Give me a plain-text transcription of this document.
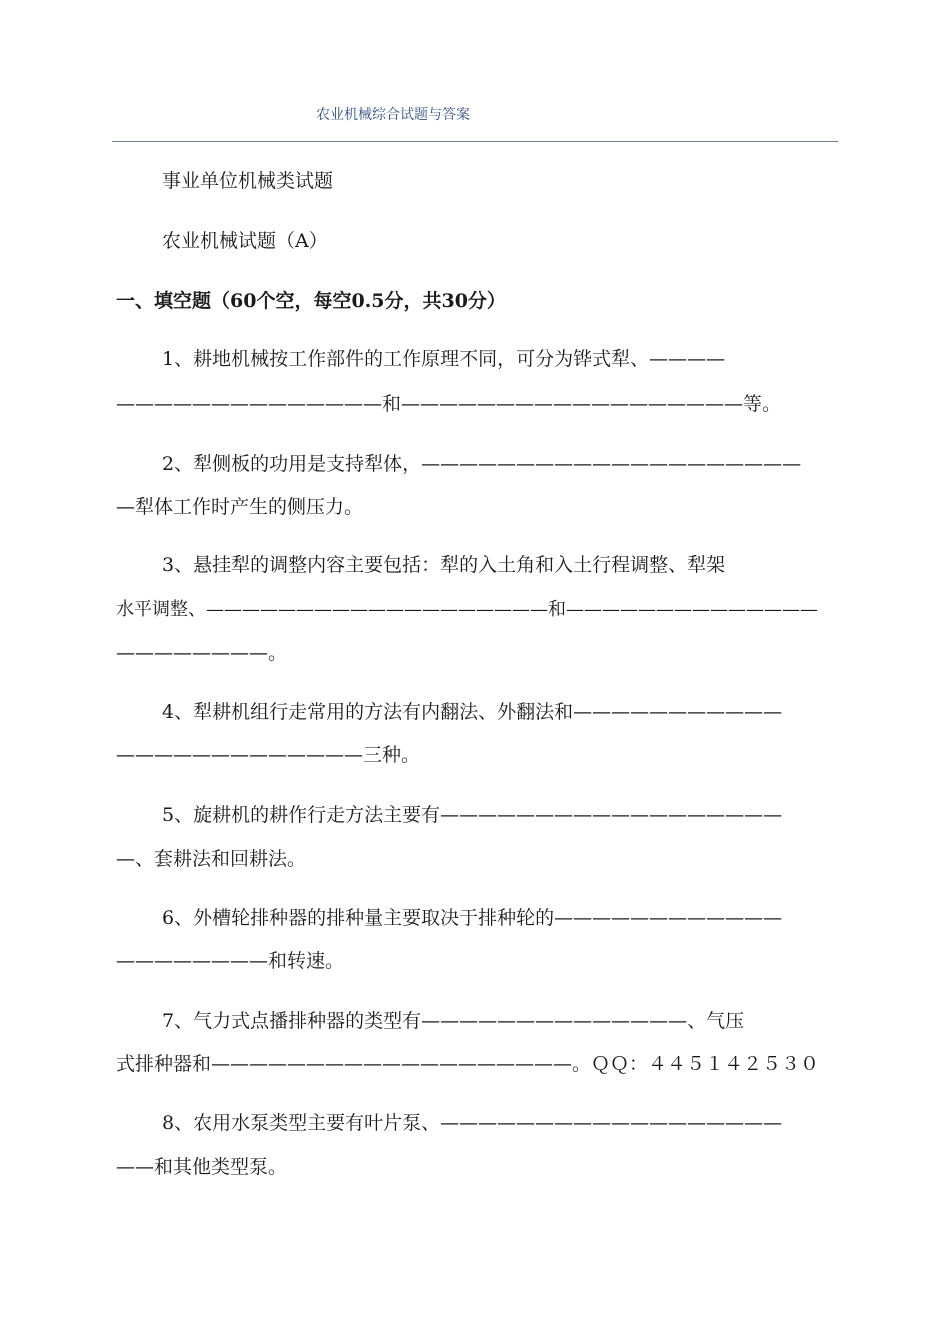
农业机械综合试题与答案
事业单位机械类试题
农业机械试题（A）
一、填空题（60个空，每空0.5分，共30分）
1、耕地机械按工作部件的工作原理不同，可分为铧式犁、————
——————————————和——————————————————等。
2、犁侧板的功用是支持犁体，————————————————————
—犁体工作时产生的侧压力。
3、悬挂犁的调整内容主要包括：犁的入土角和入土行程调整、犁架
水平调整、———————————————————和——————————————
————————。
4、犁耕机组行走常用的方法有内翻法、外翻法和———————————
—————————————三种。
5、旋耕机的耕作行走方法主要有——————————————————
—、套耕法和回耕法。
6、外槽轮排种器的排种量主要取决于排种轮的————————————
————————和转速。
7、气力式点播排种器的类型有——————————————、气压
式排种器和———————————————————。ＱＱ：４４５１４２５３０
8、农用水泵类型主要有叶片泵、——————————————————
——和其他类型泵。
